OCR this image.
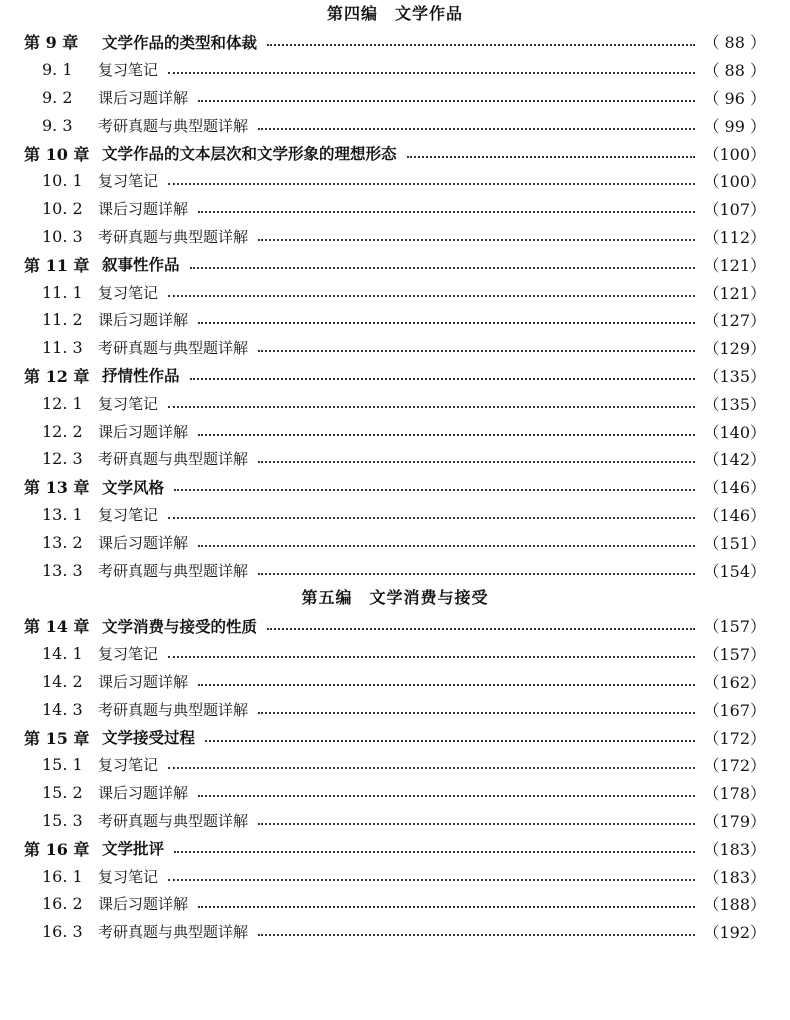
第四编　文学作品
第 9 章	文学作品的类型和体裁	（ 88 ）
9. 1	复习笔记	（ 88 ）
9. 2	课后习题详解	（ 96 ）
9. 3	考研真题与典型题详解	（ 99 ）
第 10 章 文学作品的文本层次和文学形象的理想形态	（100）
10. 1	复习笔记	（100）
10. 2	课后习题详解	（107）
10. 3	考研真题与典型题详解	（112）
第 11 章 叙事性作品	（121）
11. 1	复习笔记	（121）
11. 2	课后习题详解	（127）
11. 3	考研真题与典型题详解	（129）
第 12 章 抒情性作品	（135）
12. 1	复习笔记	（135）
12. 2	课后习题详解	（140）
12. 3	考研真题与典型题详解	（142）
第 13 章 文学风格	（146）
13. 1	复习笔记	（146）
13. 2	课后习题详解	（151）
13. 3	考研真题与典型题详解	（154）
第五编　文学消费与接受
第 14 章 文学消费与接受的性质	（157）
14. 1	复习笔记	（157）
14. 2	课后习题详解	（162）
14. 3	考研真题与典型题详解	（167）
第 15 章 文学接受过程	（172）
15. 1	复习笔记	（172）
15. 2	课后习题详解	（178）
15. 3	考研真题与典型题详解	（179）
第 16 章 文学批评	（183）
16. 1	复习笔记	（183）
16. 2	课后习题详解	（188）
16. 3	考研真题与典型题详解	（192）
